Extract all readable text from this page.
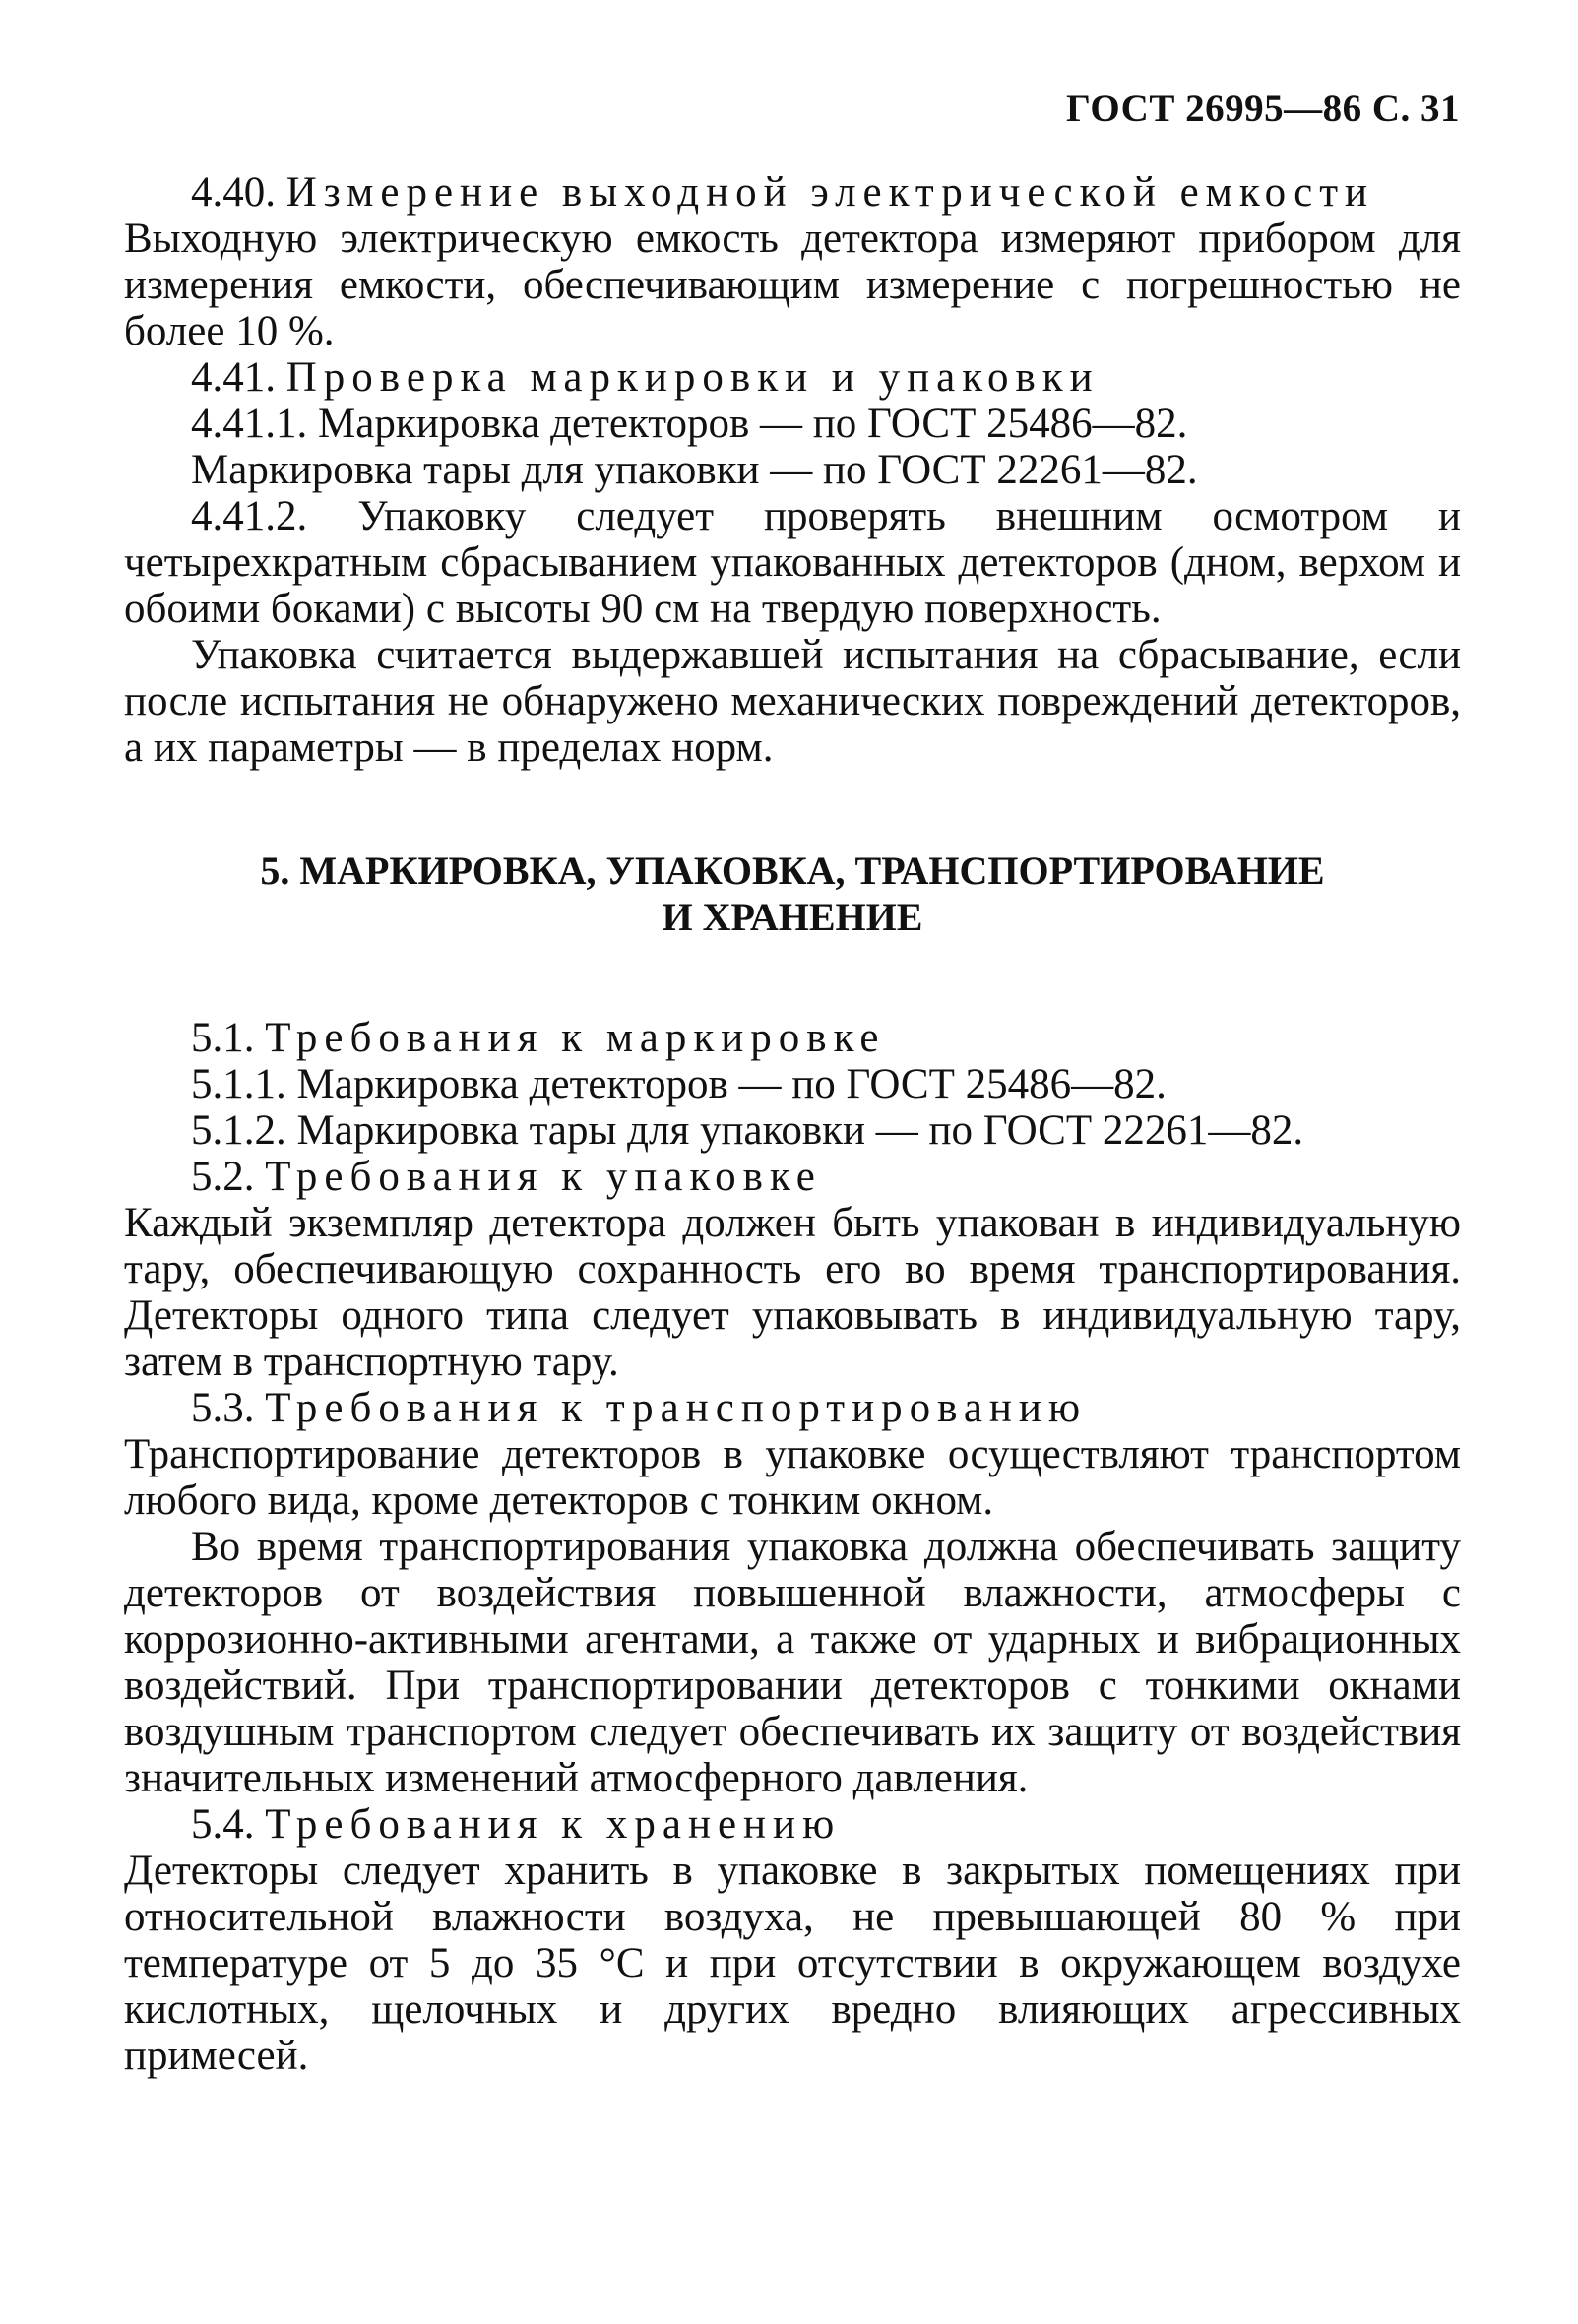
ГОСТ 26995—86 С. 31

4.40. Измерение выходной электрической емкости

Выходную электрическую емкость детектора измеряют прибором для измерения емкости, обеспечивающим измерение с погрешностью не более 10 %.

4.41. Проверка маркировки и упаковки

4.41.1. Маркировка детекторов — по ГОСТ 25486—82.

Маркировка тары для упаковки — по ГОСТ 22261—82.

4.41.2. Упаковку следует проверять внешним осмотром и четырехкратным сбрасыванием упакованных детекторов (дном, верхом и обоими боками) с высоты 90 см на твердую поверхность.

Упаковка считается выдержавшей испытания на сбрасывание, если после испытания не обнаружено механических повреждений детекторов, а их параметры — в пределах норм.

5. МАРКИРОВКА, УПАКОВКА, ТРАНСПОРТИРОВАНИЕ
И ХРАНЕНИЕ

5.1. Требования к маркировке

5.1.1. Маркировка детекторов — по ГОСТ 25486—82.

5.1.2. Маркировка тары для упаковки — по ГОСТ 22261—82.

5.2. Требования к упаковке

Каждый экземпляр детектора должен быть упакован в индивидуальную тару, обеспечивающую сохранность его во время транспортирования. Детекторы одного типа следует упаковывать в индивидуальную тару, затем в транспортную тару.

5.3. Требования к транспортированию

Транспортирование детекторов в упаковке осуществляют транспортом любого вида, кроме детекторов с тонким окном.

Во время транспортирования упаковка должна обеспечивать защиту детекторов от воздействия повышенной влажности, атмосферы с коррозионно-активными агентами, а также от ударных и вибрационных воздействий. При транспортировании детекторов с тонкими окнами воздушным транспортом следует обеспечивать их защиту от воздействия значительных изменений атмосферного давления.

5.4. Требования к хранению

Детекторы следует хранить в упаковке в закрытых помещениях при относительной влажности воздуха, не превышающей 80 % при температуре от 5 до 35 °С и при отсутствии в окружающем воздухе кислотных, щелочных и других вредно влияющих агрессивных примесей.
